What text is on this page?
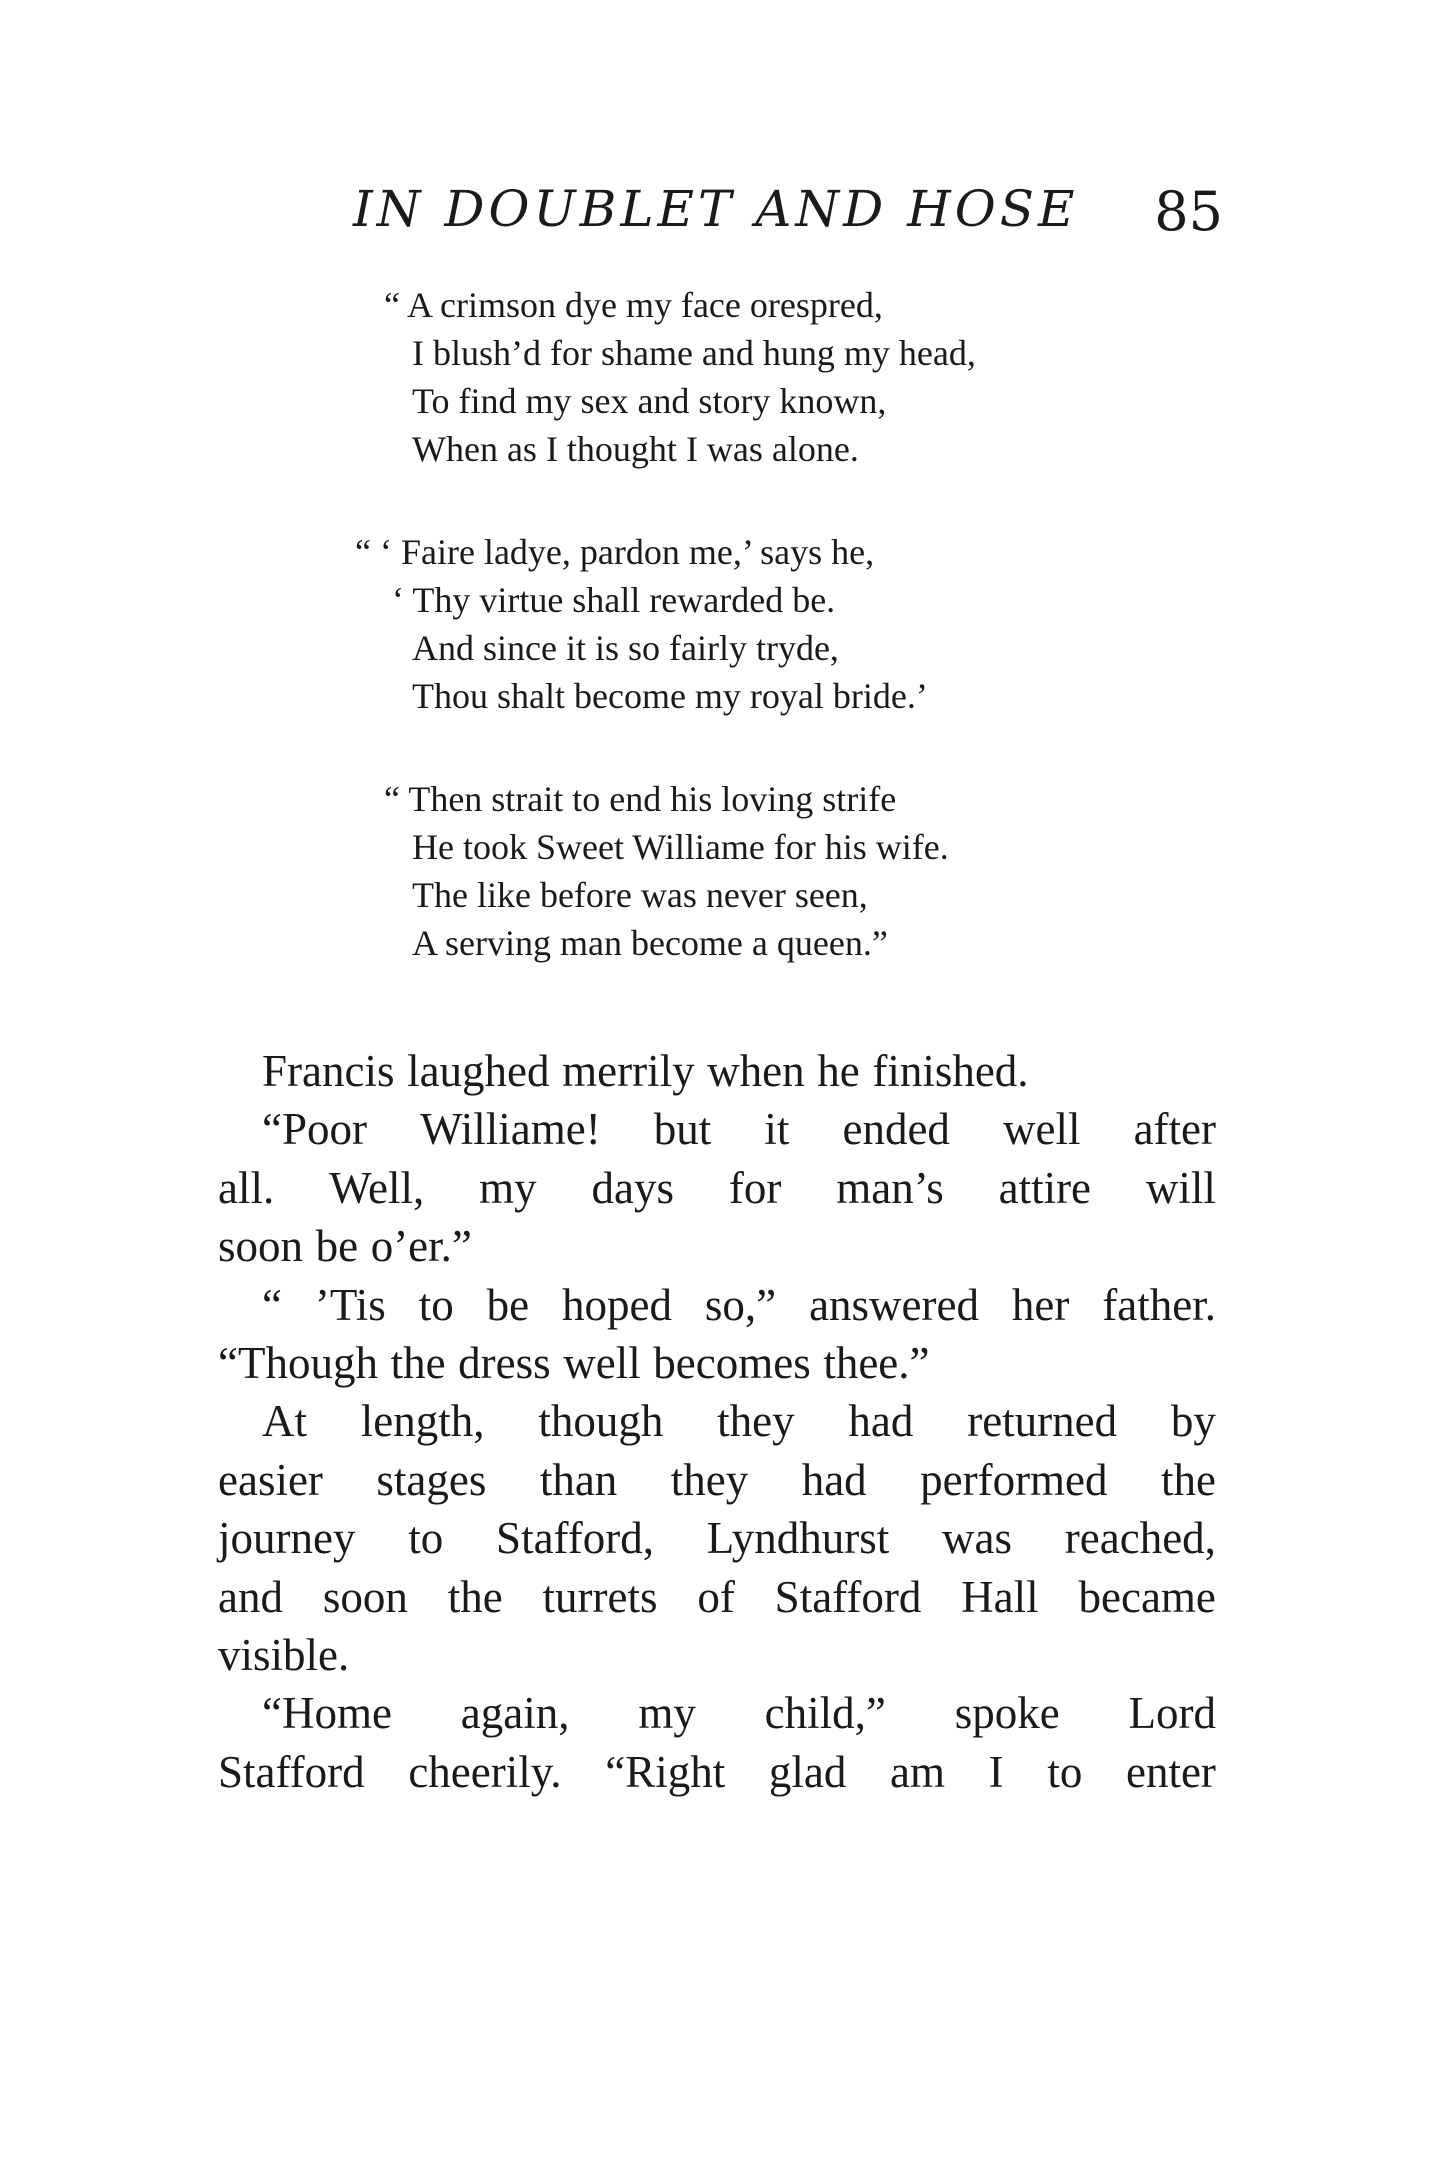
IN DOUBLET AND HOSE 85
“ A crimson dye my face orespred,
I blush’d for shame and hung my head,
To find my sex and story known,
When as I thought I was alone.
“ ‘ Faire ladye, pardon me,’ says he,
‘ Thy virtue shall rewarded be.
And since it is so fairly tryde,
Thou shalt become my royal bride.’
“ Then strait to end his loving strife
He took Sweet Williame for his wife.
The like before was never seen,
A serving man become a queen.”
Francis laughed merrily when he finished.
“Poor Williame! but it ended well after
all. Well, my days for man’s attire will
soon be o’er.”
“ ’Tis to be hoped so,” answered her father.
“Though the dress well becomes thee.”
At length, though they had returned by
easier stages than they had performed the
journey to Stafford, Lyndhurst was reached,
and soon the turrets of Stafford Hall became
visible.
“Home again, my child,” spoke Lord
Stafford cheerily. “Right glad am I to enter
